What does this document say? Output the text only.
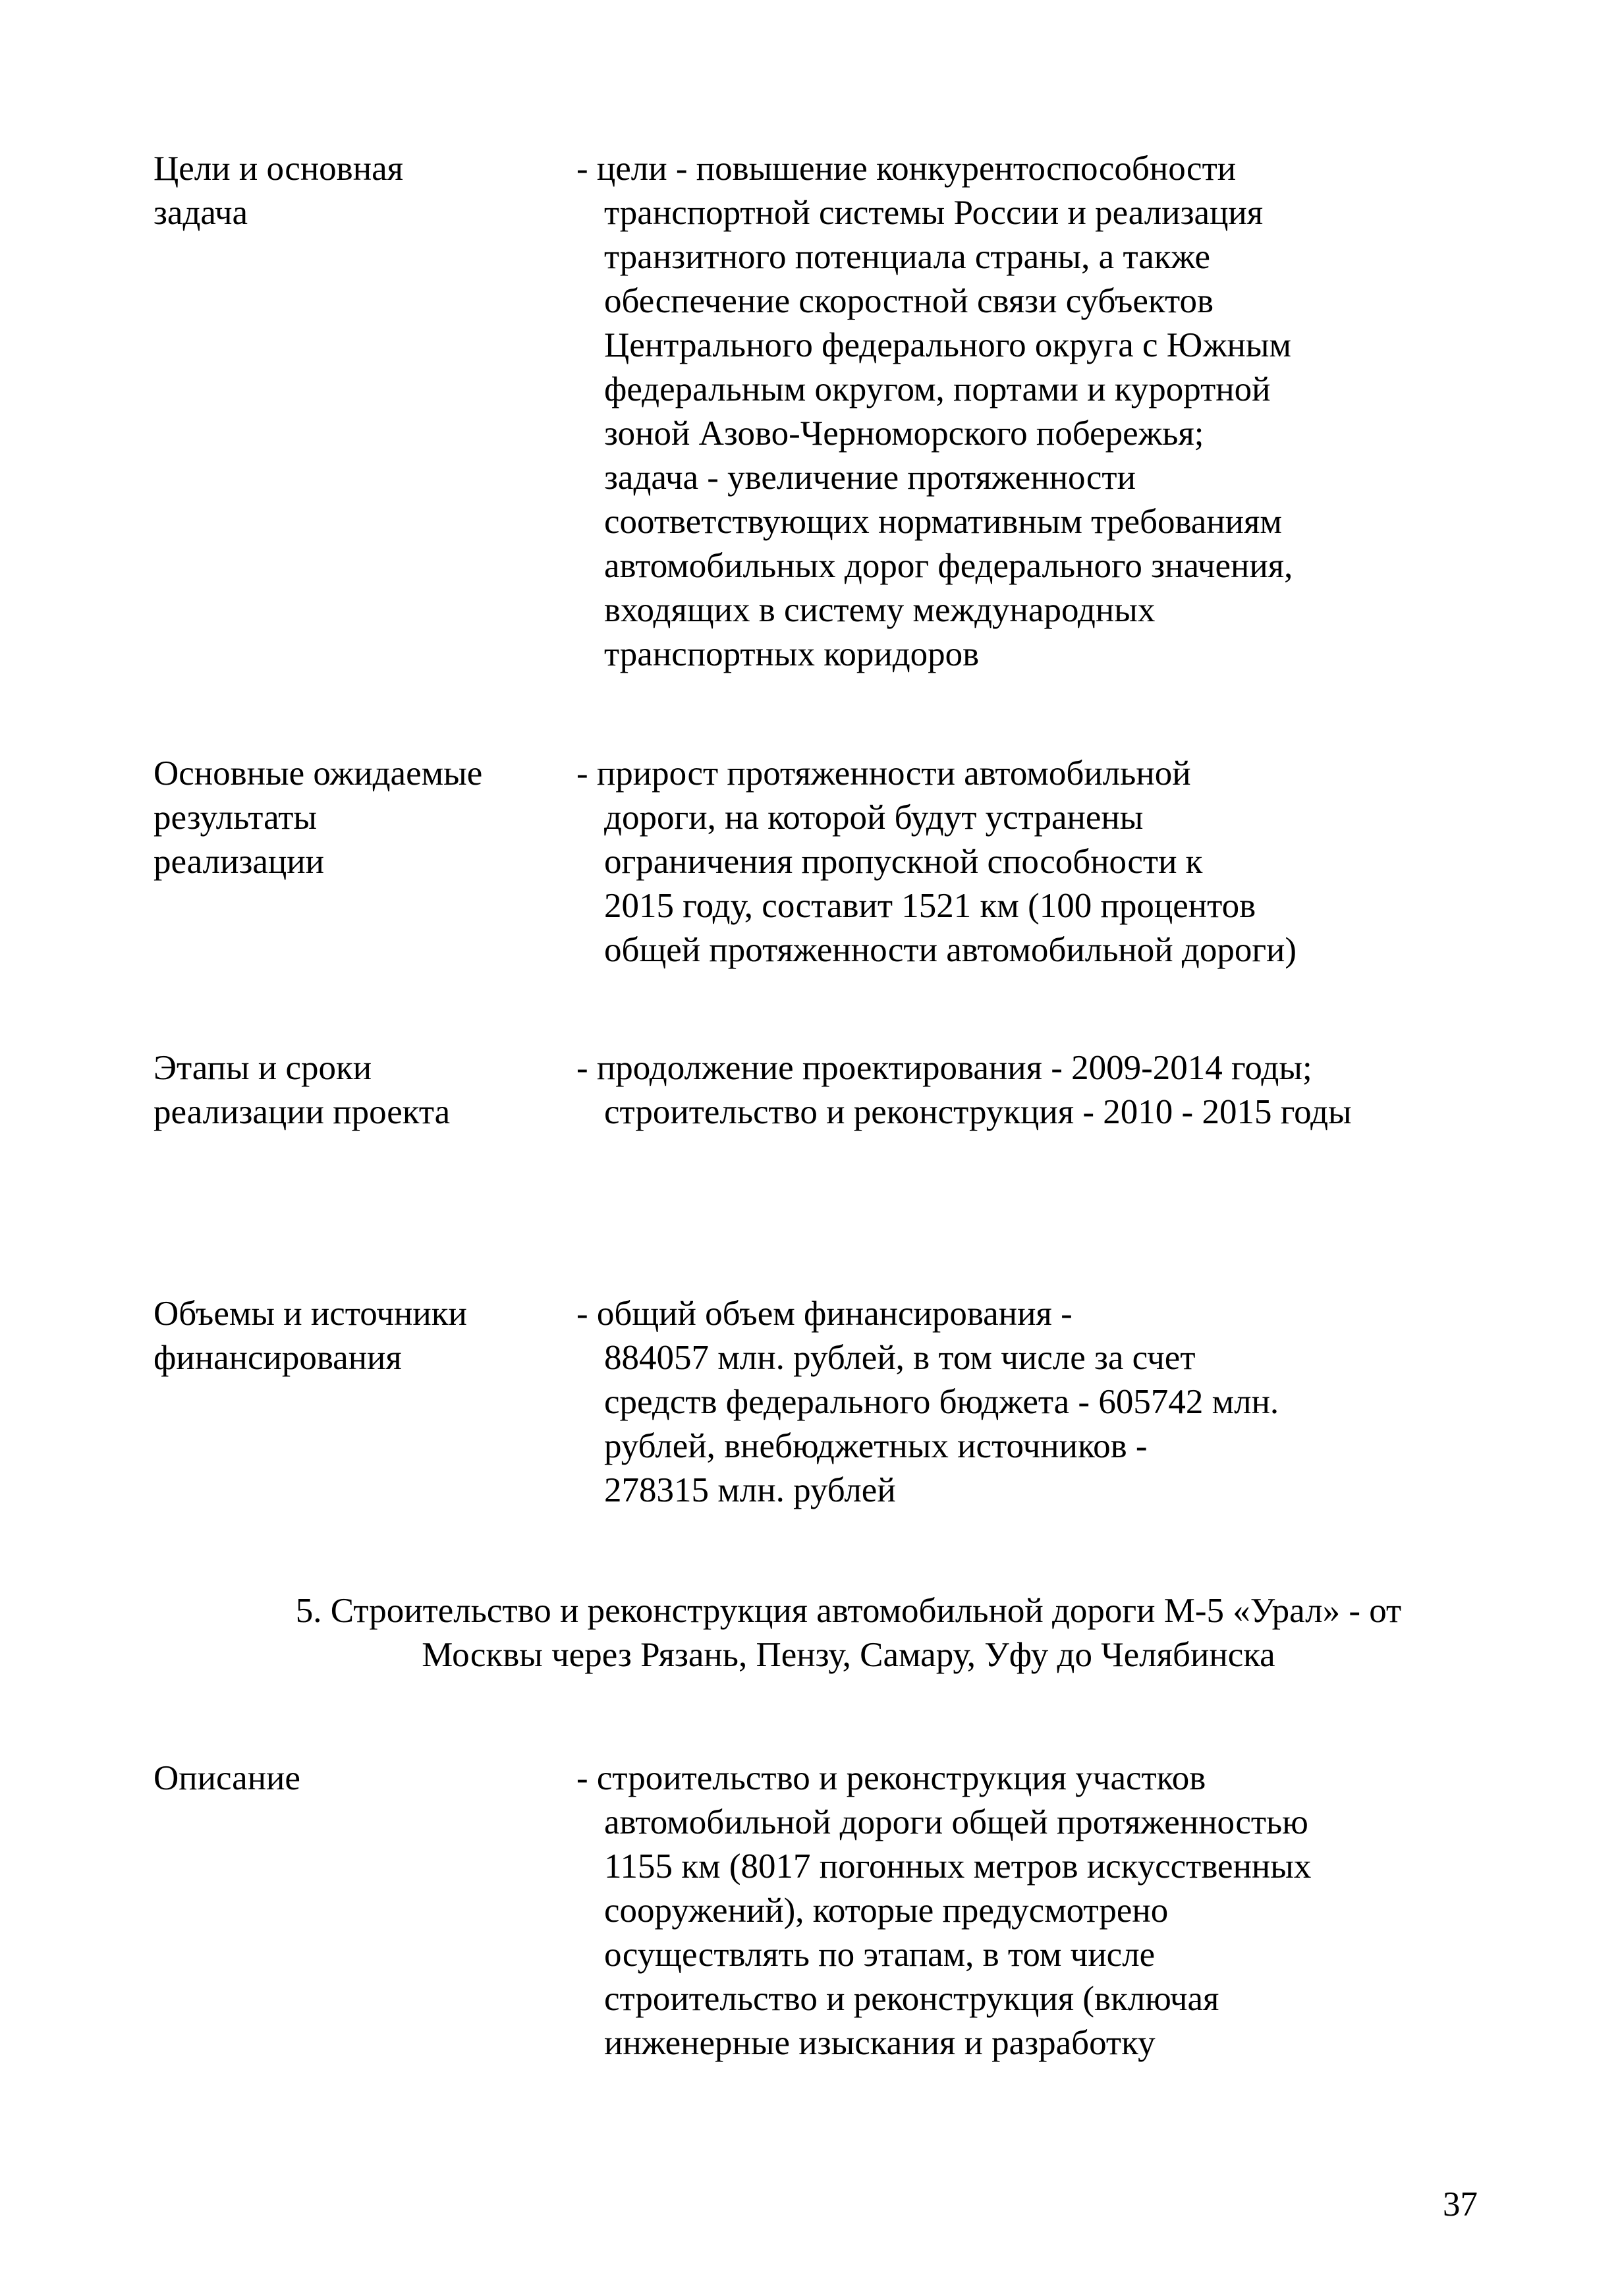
Цели и основная
задача
- цели - повышение конкурентоспособности
транспортной системы России и реализация
транзитного потенциала страны, а также
обеспечение скоростной связи субъектов
Центрального федерального округа с Южным
федеральным округом, портами и курортной
зоной Азово-Черноморского побережья;
задача - увеличение протяженности
соответствующих нормативным требованиям
автомобильных дорог федерального значения,
входящих в систему международных
транспортных коридоров
Основные ожидаемые
результаты
реализации
- прирост протяженности автомобильной
дороги, на которой будут устранены
ограничения пропускной способности к
2015 году, составит 1521 км (100 процентов
общей протяженности автомобильной дороги)
Этапы и сроки
реализации проекта
- продолжение проектирования - 2009-2014 годы;
строительство и реконструкция - 2010 - 2015 годы
Объемы и источники
финансирования
- общий объем финансирования -
884057 млн. рублей, в том числе за счет
средств федерального бюджета - 605742 млн.
рублей, внебюджетных источников -
278315 млн. рублей
5. Строительство и реконструкция автомобильной дороги М-5 «Урал» - от
Москвы через Рязань, Пензу, Самару, Уфу до Челябинска
Описание	- строительство и реконструкция участков
автомобильной дороги общей протяженностью
1155 км (8017 погонных метров искусственных
сооружений), которые предусмотрено
осуществлять по этапам, в том числе
строительство и реконструкция (включая
инженерные изыскания и разработку
37
